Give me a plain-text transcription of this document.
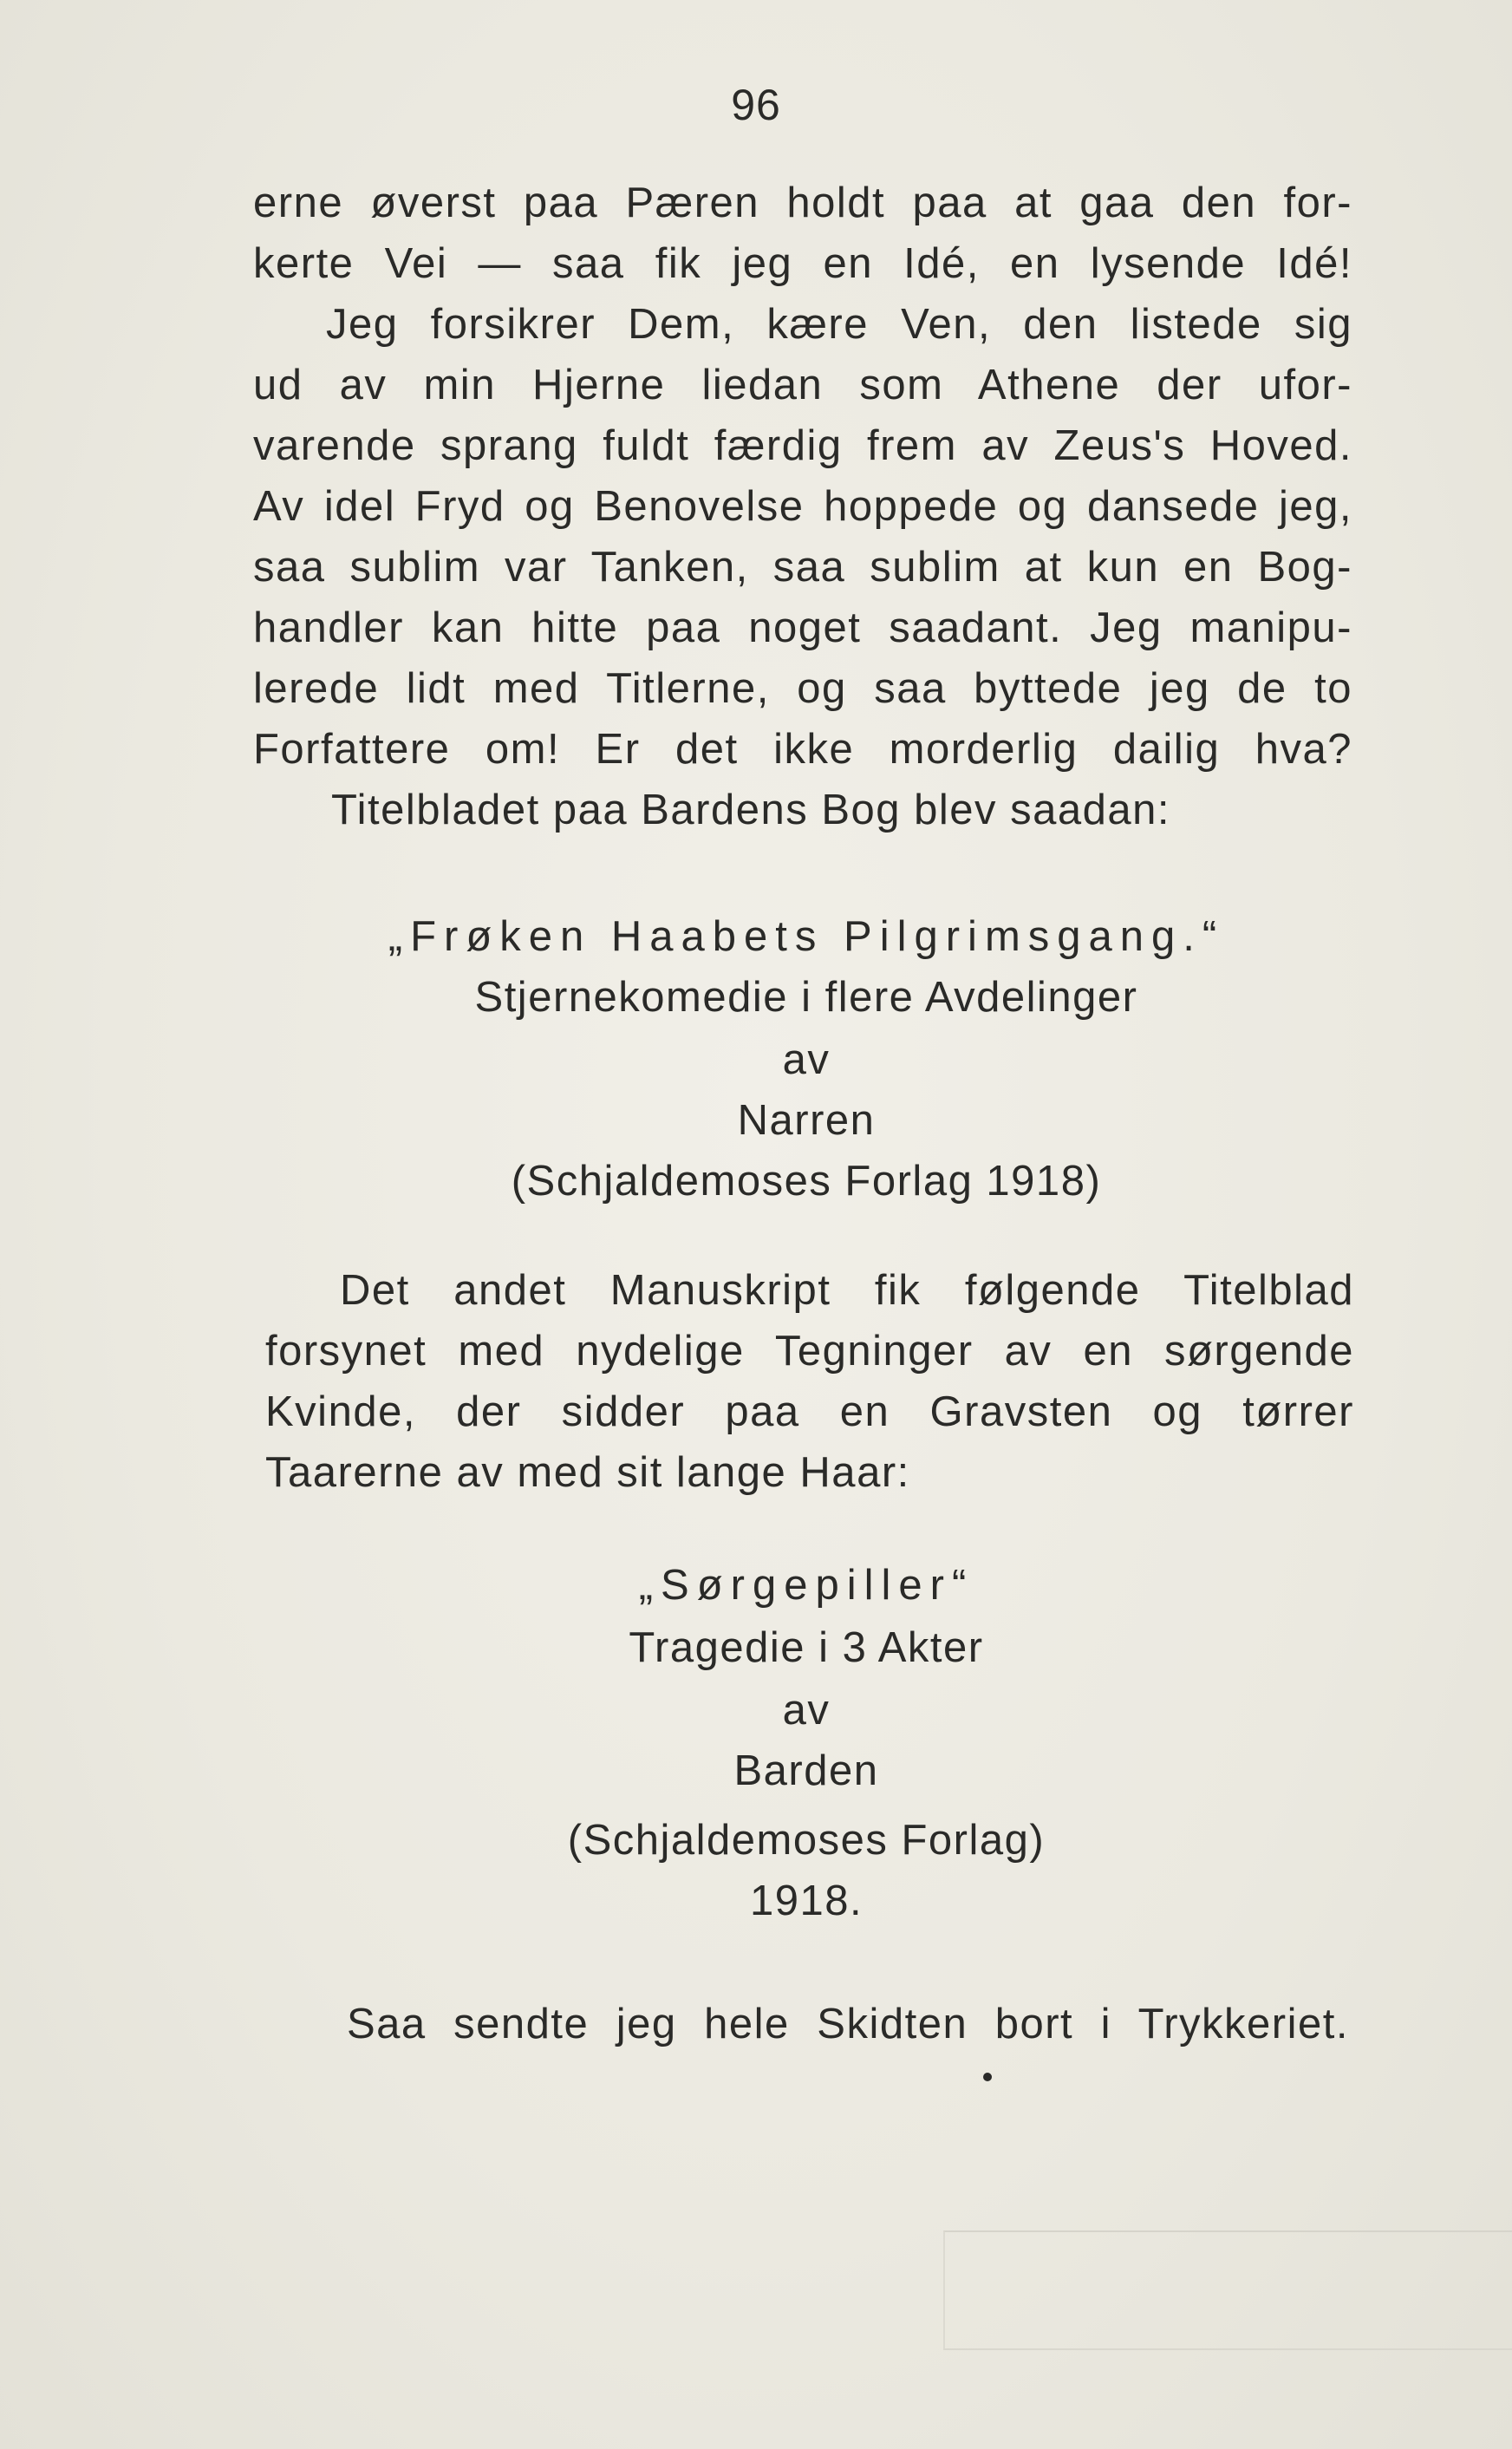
96
erne øverst paa Pæren holdt paa at gaa den for-
kerte Vei — saa fik jeg en Idé, en lysende Idé!
Jeg forsikrer Dem, kære Ven, den listede sig
ud av min Hjerne liedan som Athene der ufor-
varende sprang fuldt færdig frem av Zeus's Hoved.
Av idel Fryd og Benovelse hoppede og dansede jeg,
saa sublim var Tanken, saa sublim at kun en Bog-
handler kan hitte paa noget saadant. Jeg manipu-
lerede lidt med Titlerne, og saa byttede jeg de to
Forfattere om! Er det ikke morderlig dailig hva?
Titelbladet paa Bardens Bog blev saadan:
„Frøken Haabets Pilgrimsgang.“
Stjernekomedie i flere Avdelinger
av
Narren
(Schjaldemoses Forlag 1918)
Det andet Manuskript fik følgende Titelblad
forsynet med nydelige Tegninger av en sørgende
Kvinde, der sidder paa en Gravsten og tørrer
Taarerne av med sit lange Haar:
„Sørgepiller“
Tragedie i 3 Akter
av
Barden
(Schjaldemoses Forlag)
1918.
Saa sendte jeg hele Skidten bort i Trykkeriet.
